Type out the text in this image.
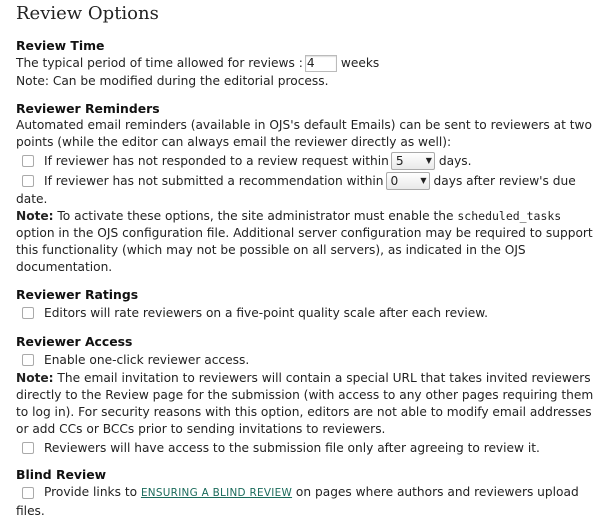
Review Options
Review Time
The typical period of time allowed for reviews : 4	weeks

Note: Can be modified during the editorial process.

Reviewer Reminders

Automated email reminders (available in OJS's default Emails) can be sent to reviewers at two points (while the editor can always email the reviewer directly as well):

If reviewer has not responded to a review request within 5	▼ days.
If reviewer has not submitted a recommendation within 0	▼ days after review's due

date.

Note: To activate these options, the site administrator must enable the scheduled_tasks option in the OJS configuration file. Additional server configuration may be required to support this functionality (which may not be possible on all servers), as indicated in the OJS documentation.

Reviewer Ratings
Editors will rate reviewers on a five-point quality scale after each review.
Reviewer Access
Enable one-click reviewer access.

Note: The email invitation to reviewers will contain a special URL that takes invited reviewers directly to the Review page for the submission (with access to any other pages requiring them to log in). For security reasons with this option, editors are not able to modify email addresses or add CCs or BCCs prior to sending invitations to reviewers.

Reviewers will have access to the submission file only after agreeing to review it.
Blind Review
Provide links to ENSURING A BLIND REVIEW on pages where authors and reviewers upload

files.
